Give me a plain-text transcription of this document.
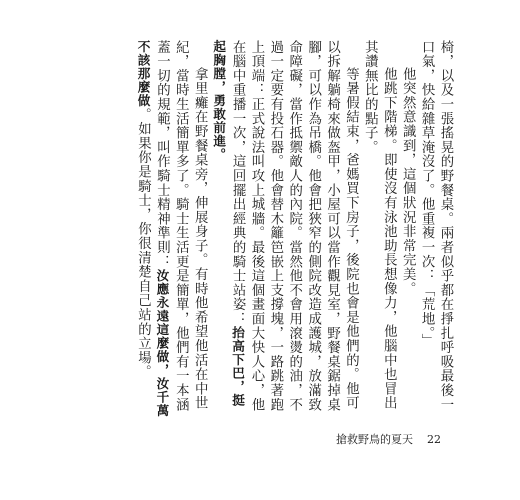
椅，以及一張搖晃的野餐桌。兩者似乎都在掙扎呼吸最後一口氣，快給雜草淹沒了。他重複一次：「荒地。」

他突然意識到，這個狀況非常完美。

他跳下階梯。即使沒有泳池助長想像力，他腦中也冒出其讚無比的點子。

等暑假結束，爸媽買下房子，後院也會是他們的。他可以拆解躺椅來做盔甲，小屋可以當作觀見室，野餐桌鋸掉桌腳，可以作為吊橋。他會把狹窄的側院改造成護城，放滿致命障礙，當作抵禦敵人的內院。當然他不會用滾燙的油，不過一定要有投石器。他會替木籬笆嵌上支撐塊，一路跳著跑上頂端：正式說法叫攻上城牆。最後這個畫面大快人心，他在腦中重播一次，這回擺出經典的騎士站姿：抬高下巴，挺起胸膛，勇敢前進。

拿里癱在野餐桌旁，伸展身子。有時他希望他活在中世紀，當時生活簡單多了。騎士生活更是簡單，他們有一本涵蓋一切的規範，叫作騎士精神準則：汝應永遠這麼做，汝千萬不該那麼做。如果你是騎士，你很清楚自己站的立場。

搶救野鳥的夏天 22
